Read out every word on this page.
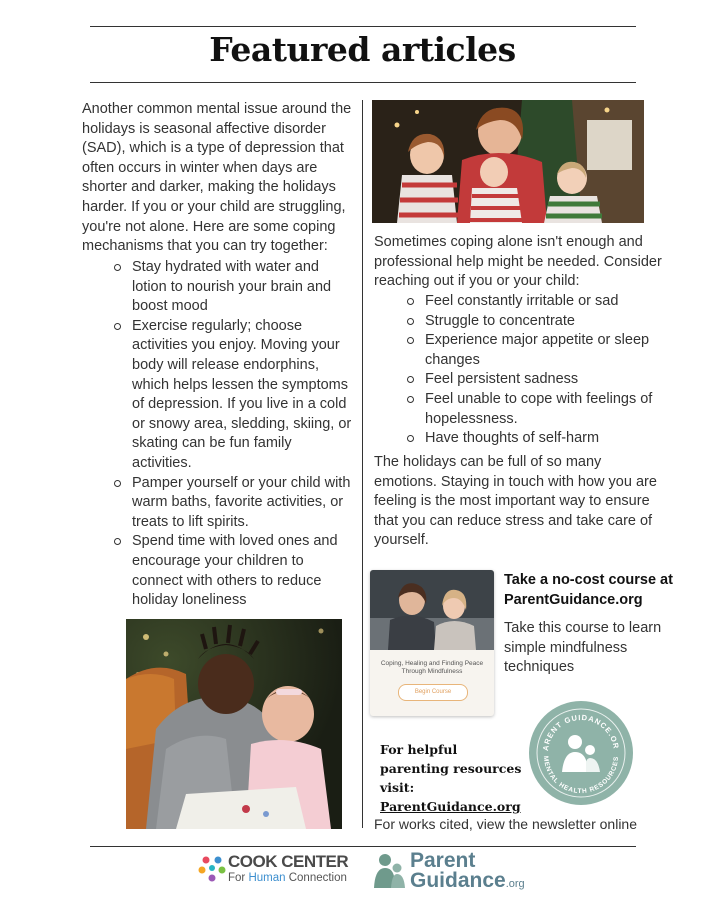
Featured articles
Another common mental issue around the holidays is seasonal affective disorder (SAD), which is a type of depression that often occurs in winter when days are shorter and darker, making the holidays harder. If you or your child are struggling, you're not alone. Here are some coping mechanisms that you can try together:
Stay hydrated with water and lotion to nourish your brain and boost mood
Exercise regularly; choose activities you enjoy. Moving your body will release endorphins, which helps lessen the symptoms of depression. If you live in a cold or snowy area, sledding, skiing, or skating can be fun family activities.
Pamper yourself or your child with warm baths, favorite activities, or treats to lift spirits.
Spend time with loved ones and encourage your children to connect with others to reduce holiday loneliness
Sometimes coping alone isn't enough and professional help might be needed. Consider reaching out if you or your child:
Feel constantly irritable or sad
Struggle to concentrate
Experience major appetite or sleep changes
Feel persistent sadness
Feel unable to cope with feelings of hopelessness.
Have thoughts of self-harm
The holidays can be full of so many emotions. Staying in touch with how you are feeling is the most important way to ensure that you can reduce stress and take care of yourself.
Coping, Healing and Finding Peace Through Mindfulness
Begin Course
Take a no-cost course at ParentGuidance.org
Take this course to learn simple mindfulness techniques
For helpful parenting resources visit:
ParentGuidance.org
ARENT GUIDANCE.OR
MENTAL HEALTH RESOURCES
For works cited, view the newsletter online
COOK CENTER
For Human Connection
Parent
Guidance.org
